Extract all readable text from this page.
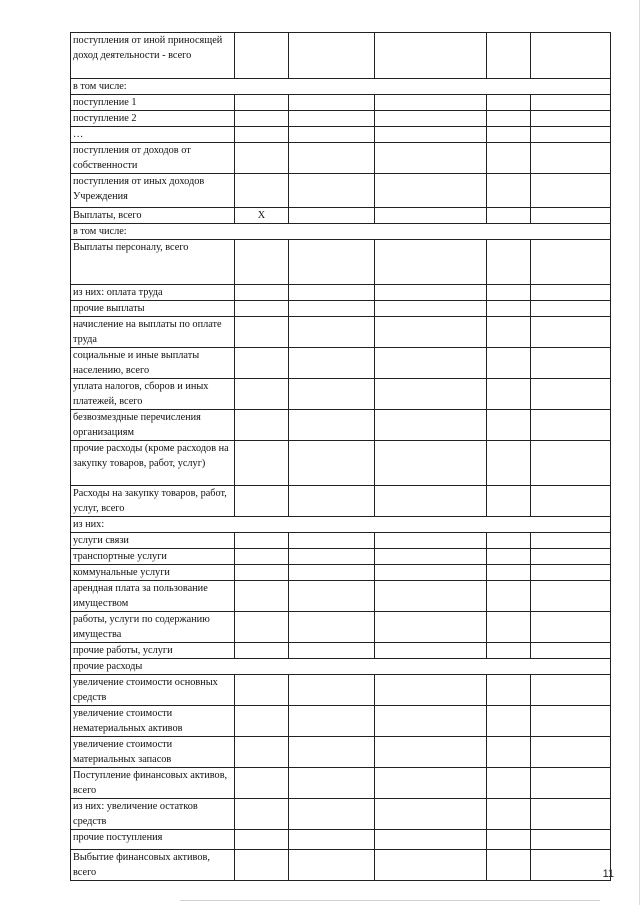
поступления от иной приносящей доход деятельности - всего					
в том числе:					
поступление 1					
поступление 2					
…					
поступления от доходов от собственности					
поступления от иных доходов Учреждения					
Выплаты, всего	X				
в том числе:					
Выплаты персоналу, всего					
из них: оплата труда					
прочие выплаты					
начисление на выплаты по оплате труда					
социальные и иные выплаты населению, всего					
уплата налогов, сборов и иных платежей, всего					
безвозмездные перечисления организациям					
прочие расходы (кроме расходов на закупку товаров, работ, услуг)					
Расходы на закупку товаров, работ, услуг, всего					
из них:					
услуги связи					
транспортные услуги					
коммунальные услуги					
арендная плата за пользование имуществом					
работы, услуги по содержанию имущества					
прочие работы, услуги					
прочие расходы					
увеличение стоимости основных средств					
увеличение стоимости нематериальных активов					
увеличение стоимости материальных запасов					
Поступление финансовых активов, всего					
из них: увеличение остатков средств					
прочие поступления					
Выбытие финансовых активов, всего						11
